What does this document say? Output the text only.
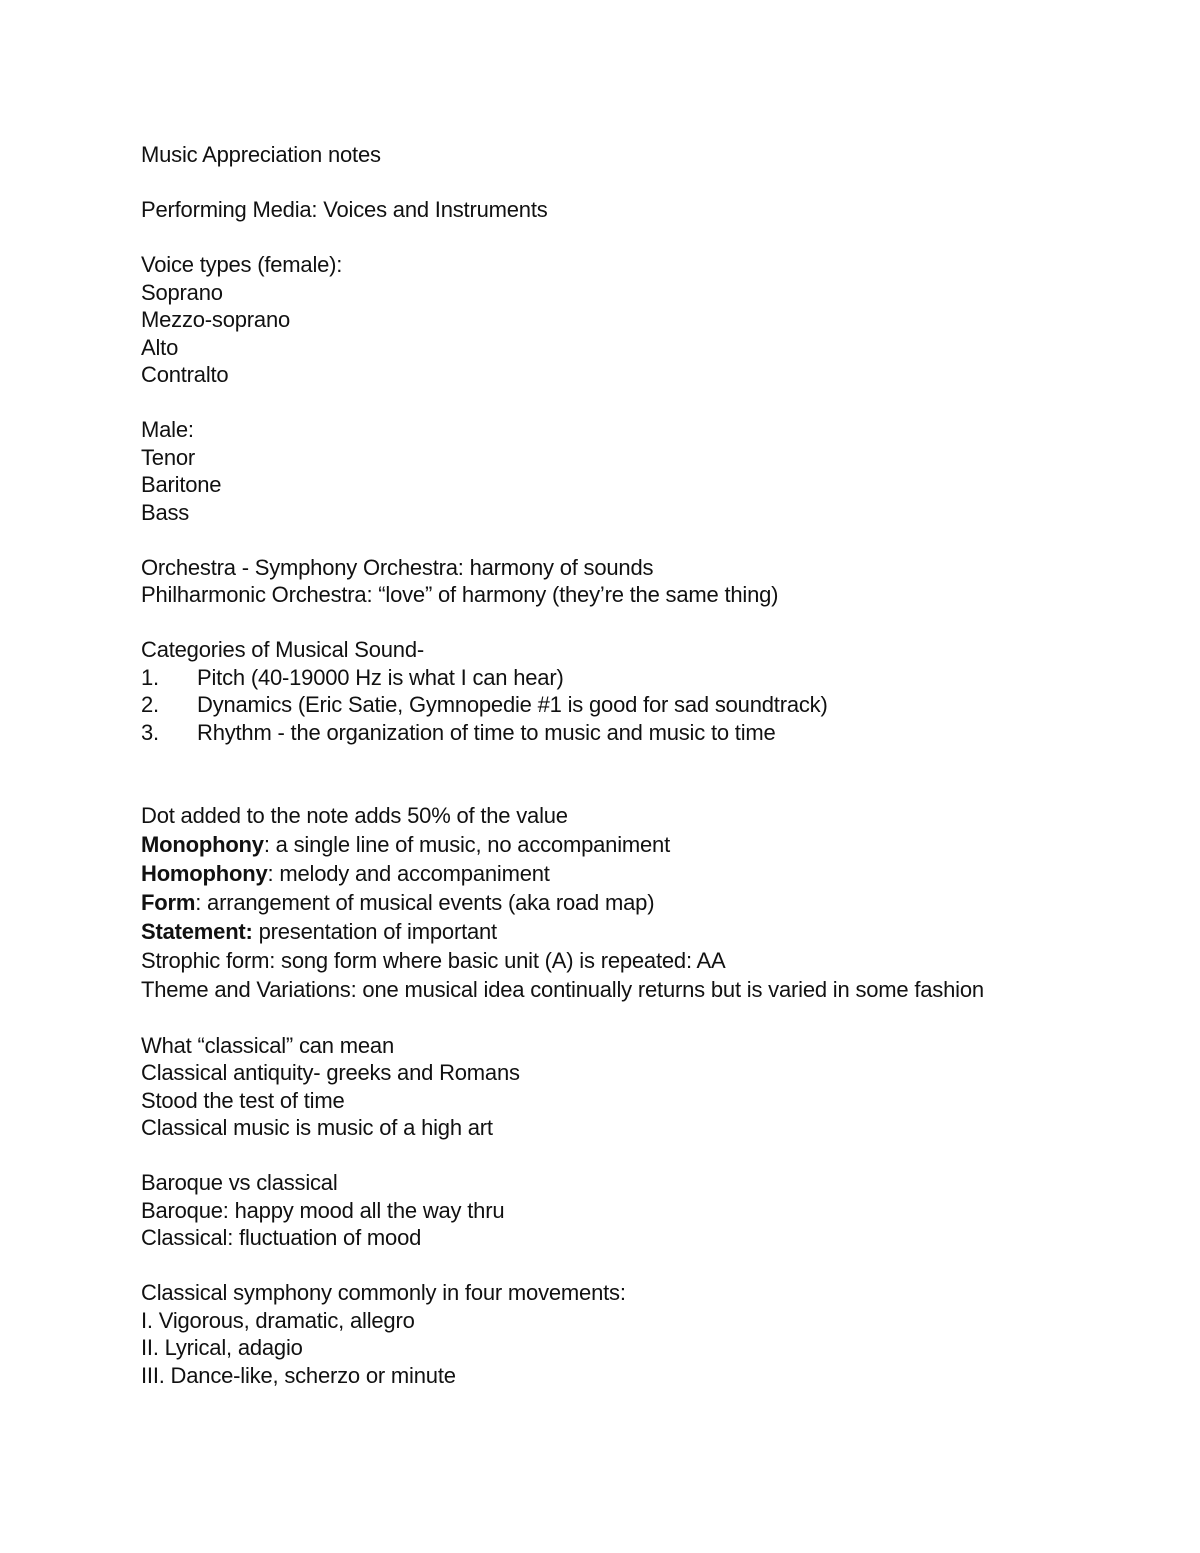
Music Appreciation notes
Performing Media: Voices and Instruments
Voice types (female):
Soprano
Mezzo-soprano
Alto
Contralto
Male:
Tenor
Baritone
Bass
Orchestra - Symphony Orchestra: harmony of sounds
Philharmonic Orchestra: “love” of harmony (they’re the same thing)
Categories of Musical Sound-
1.	Pitch (40-19000 Hz is what I can hear)
2.	Dynamics (Eric Satie, Gymnopedie #1 is good for sad soundtrack)
3.	Rhythm - the organization of time to music and music to time
Dot added to the note adds 50% of the value
Monophony: a single line of music, no accompaniment
Homophony: melody and accompaniment
Form: arrangement of musical events (aka road map)
Statement: presentation of important
Strophic form: song form where basic unit (A) is repeated: AA
Theme and Variations: one musical idea continually returns but is varied in some fashion
What “classical” can mean
Classical antiquity- greeks and Romans
Stood the test of time
Classical music is music of a high art
Baroque vs classical
Baroque: happy mood all the way thru
Classical: fluctuation of mood
Classical symphony commonly in four movements:
I. Vigorous, dramatic, allegro
II. Lyrical, adagio
III. Dance-like, scherzo or minute
